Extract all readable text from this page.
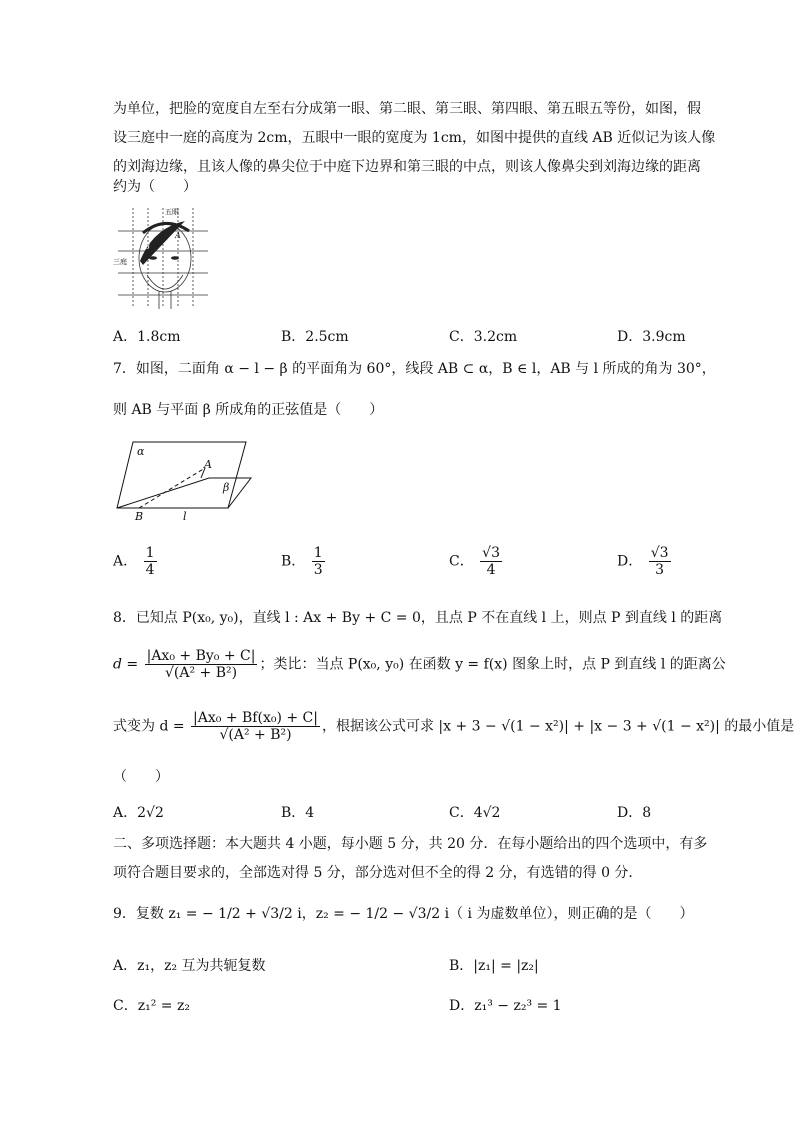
为单位，把脸的宽度自左至右分成第一眼、第二眼、第三眼、第四眼、第五眼五等份，如图，假
设三庭中一庭的高度为 2cm，五眼中一眼的宽度为 1cm，如图中提供的直线 AB 近似记为该人像
的刘海边缘，且该人像的鼻尖位于中庭下边界和第三眼的中点，则该人像鼻尖到刘海边缘的距离
约为（　　）
五眼
三庭
A
B
A．1.8cm	B．2.5cm	C．3.2cm	D．3.9cm
7．如图，二面角 α − l − β 的平面角为 60°，线段 AB ⊂ α，B ∈ l，AB 与 l 所成的角为 30°，
则 AB 与平面 β 所成角的正弦值是（　　）
α
β
A
B	l
A． $\frac{1}{4}$	B． $\frac{1}{3}$	C． $\frac{√3}{4}$	D． $\frac{√3}{3}$
8．已知点 P(x₀, y₀)，直线 l : Ax + By + C = 0，且点 P 不在直线 l 上，则点 P 到直线 l 的距离
$d = \frac{\text{|Ax₀ + By₀ + C|}}{\text{√(A² + B²)}}$ ；类比：当点 P(x₀, y₀) 在函数 y = f(x) 图象上时，点 P 到直线 l 的距离公
式变为 $d = \frac{\text{|Ax₀ + Bf(x₀) + C|}}{\text{√(A² + B²)}}$ ，根据该公式可求 |x + 3 − √(1 − x²)| + |x − 3 + √(1 − x²)| 的最小值是
（　　）
A．2√2	B．4	C．4√2	D．8
二、多项选择题：本大题共 4 小题，每小题 5 分，共 20 分．在每小题给出的四个选项中，有多
项符合题目要求的，全部选对得 5 分，部分选对但不全的得 2 分，有选错的得 0 分．
9．复数 z₁ = − 1/2 + √3/2 i，z₂ = − 1/2 − √3/2 i（ i 为虚数单位），则正确的是（　　）
A．z₁，z₂ 互为共轭复数	B．|z₁| = |z₂|
C．z₁² = z₂	D．z₁³ − z₂³ = 1
